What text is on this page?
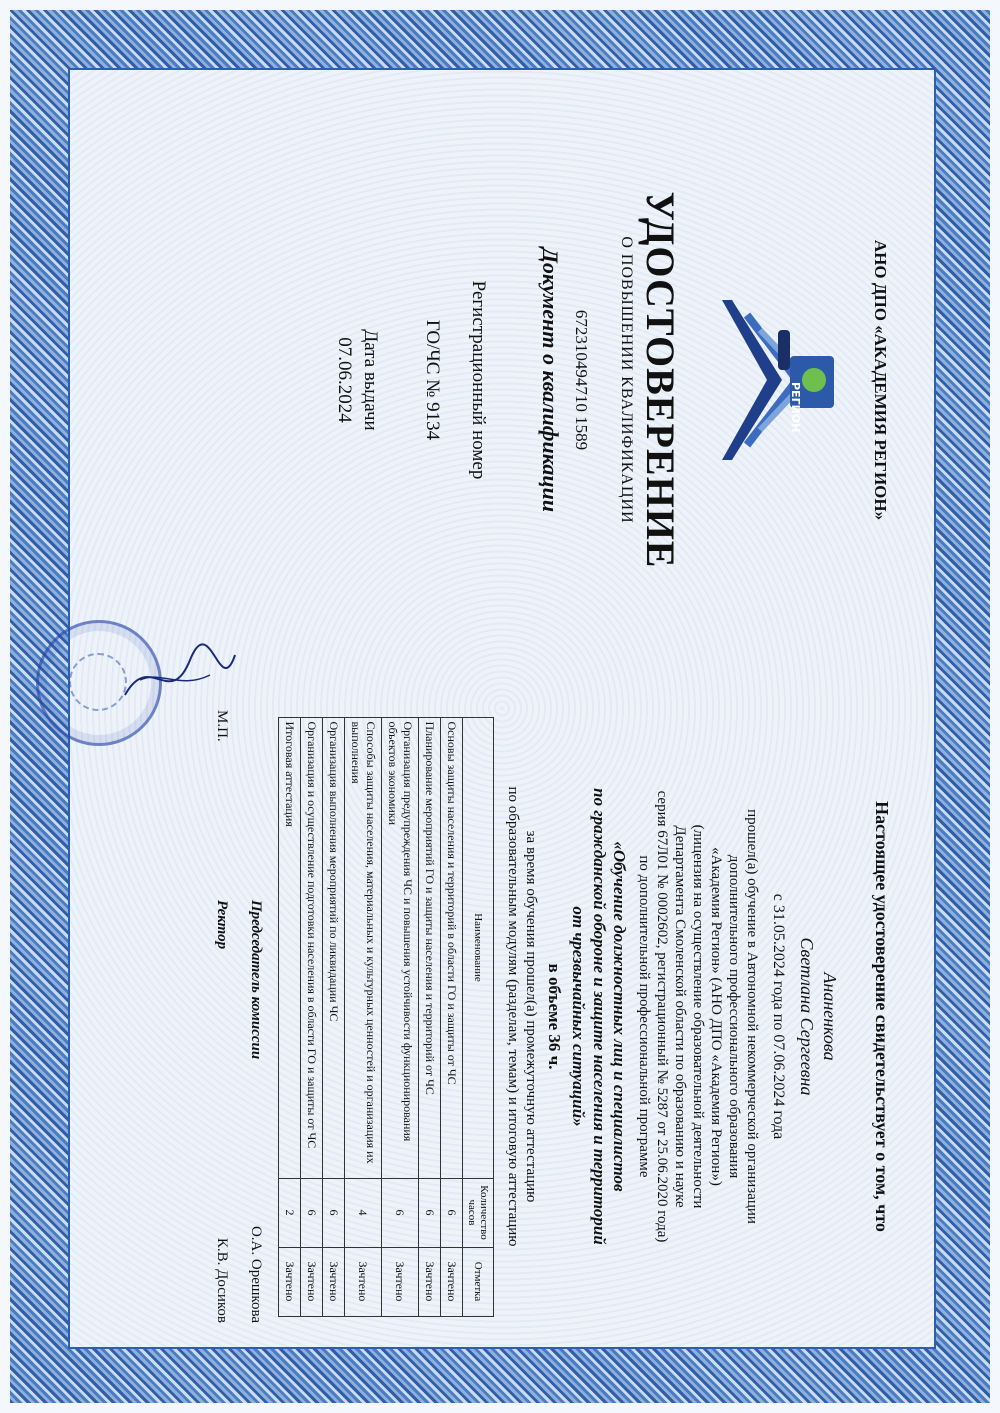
АНО ДПО «АКАДЕМИЯ РЕГИОН»
РЕГИОН
УДОСТОВЕРЕНИЕ
О ПОВЫШЕНИИ КВАЛИФИКАЦИИ
672310494710 1589
Документ о квалификации
Регистрационный номер
ГО/ЧС № 9134
Дата выдачи
07.06.2024
Настоящее удостоверение свидетельствует о том, что
Ананенкова
Светлана Сергеевна
с 31.05.2024 года по 07.06.2024 года
прошел(а) обучение в Автономной некоммерческой организации
дополнительного профессионального образования
«Академия Регион» (АНО ДПО «Академия Регион»)
(лицензия на осуществление образовательной деятельности
Департамента Смоленской области по образованию и науке
серия 67Л01 № 0002602, регистрационный № 5287 от 25.06.2020 года)
по дополнительной профессиональной программе
«Обучение должностных лиц и специалистов
по гражданской обороне и защите населения и территорий
от чрезвычайных ситуаций»
в объеме 36 ч.
за время обучения прошел(а) промежуточную аттестацию
по образовательным модулям (разделам, темам) и итоговую аттестацию
Наименование	Количество часов	Отметка
Основы защиты населения и территорий в области ГО и защиты от ЧС	6	Зачтено
Планирование мероприятий ГО и защиты населения и территорий от ЧС	6	Зачтено
Организация предупреждения ЧС и повышения устойчивости функционирования объектов экономики	6	Зачтено
Способы защиты населения, материальных и культурных ценностей и организация их выполнения	4	Зачтено
Организация выполнения мероприятий по ликвидации ЧС	6	Зачтено
Организация и осуществление подготовки населения в области ГО и защиты от ЧС	6	Зачтено
Итоговая аттестация	2	Зачтено
Председатель комиссии
О.А. Орешкова
М.П.
Ректор
К.В. Досиков
